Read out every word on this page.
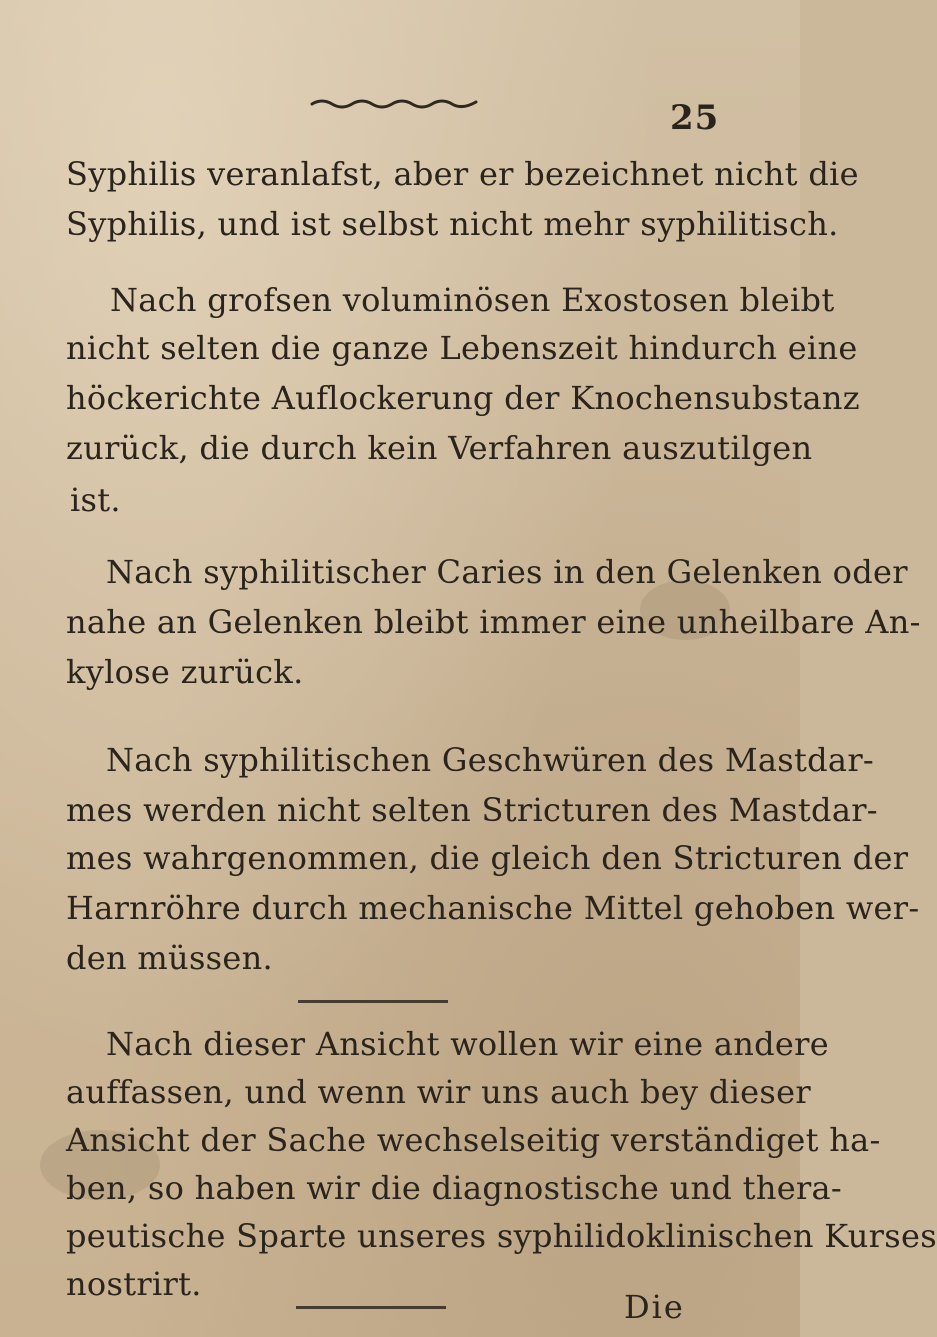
25
Syphilis veranlafst, aber er bezeichnet nicht die
Syphilis, und ist selbst nicht mehr syphilitisch.
Nach grofsen voluminösen Exostosen bleibt
nicht selten die ganze Lebenszeit hindurch eine
höckerichte Auflockerung der Knochensubstanz
zurück, die durch kein Verfahren auszutilgen
ist.
Nach syphilitischer Caries in den Gelenken oder
nahe an Gelenken bleibt immer eine unheilbare An-
kylose zurück.
Nach syphilitischen Geschwüren des Mastdar-
mes werden nicht selten Stricturen des Mastdar-
mes wahrgenommen, die gleich den Stricturen der
Harnröhre durch mechanische Mittel gehoben wer-
den müssen.
Nach dieser Ansicht wollen wir eine andere
auffassen, und wenn wir uns auch bey dieser
Ansicht der Sache wechselseitig verständiget ha-
ben, so haben wir die diagnostische und thera-
peutische Sparte unseres syphilidoklinischen Kurses
nostrirt.
Die
